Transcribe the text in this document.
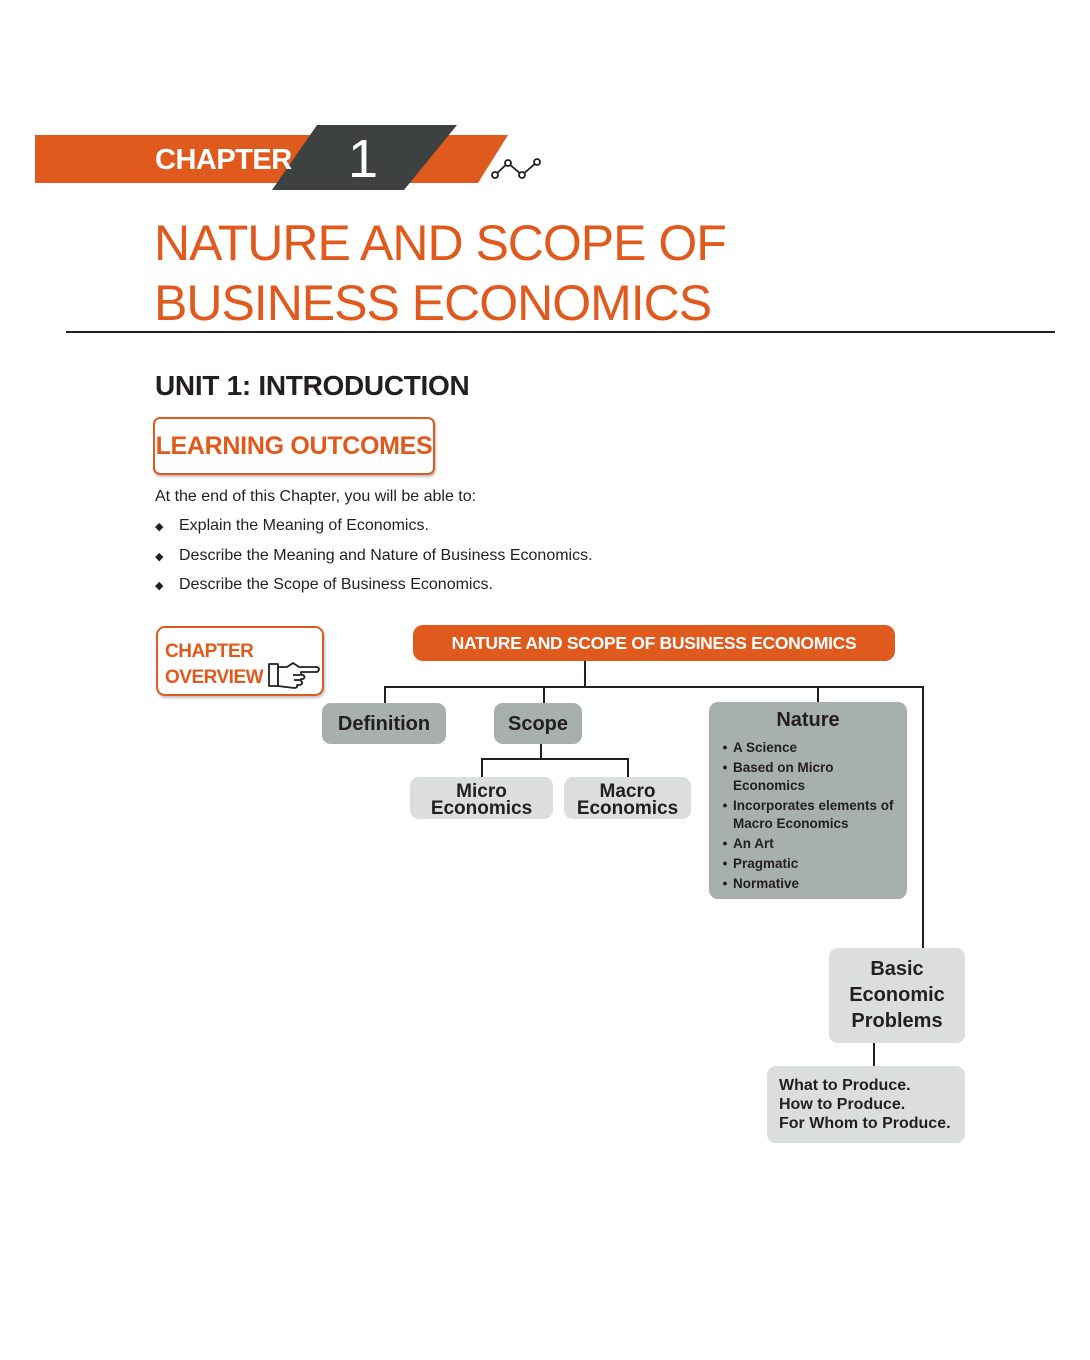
CHAPTER 1
NATURE AND SCOPE OF
BUSINESS ECONOMICS
UNIT 1: INTRODUCTION
LEARNING OUTCOMES
At the end of this Chapter, you will be able to:
◆ Explain the Meaning of Economics.
◆ Describe the Meaning and Nature of Business Economics.
◆ Describe the Scope of Business Economics.
CHAPTER
OVERVIEW
NATURE AND SCOPE OF BUSINESS ECONOMICS
Definition	Scope
Micro
Economics
Macro
Economics
Nature
• A Science
• Based on Micro Economics
• Incorporates elements of Macro Economics
• An Art
• Pragmatic
• Normative
Basic
Economic
Problems
What to Produce.
How to Produce.
For Whom to Produce.
